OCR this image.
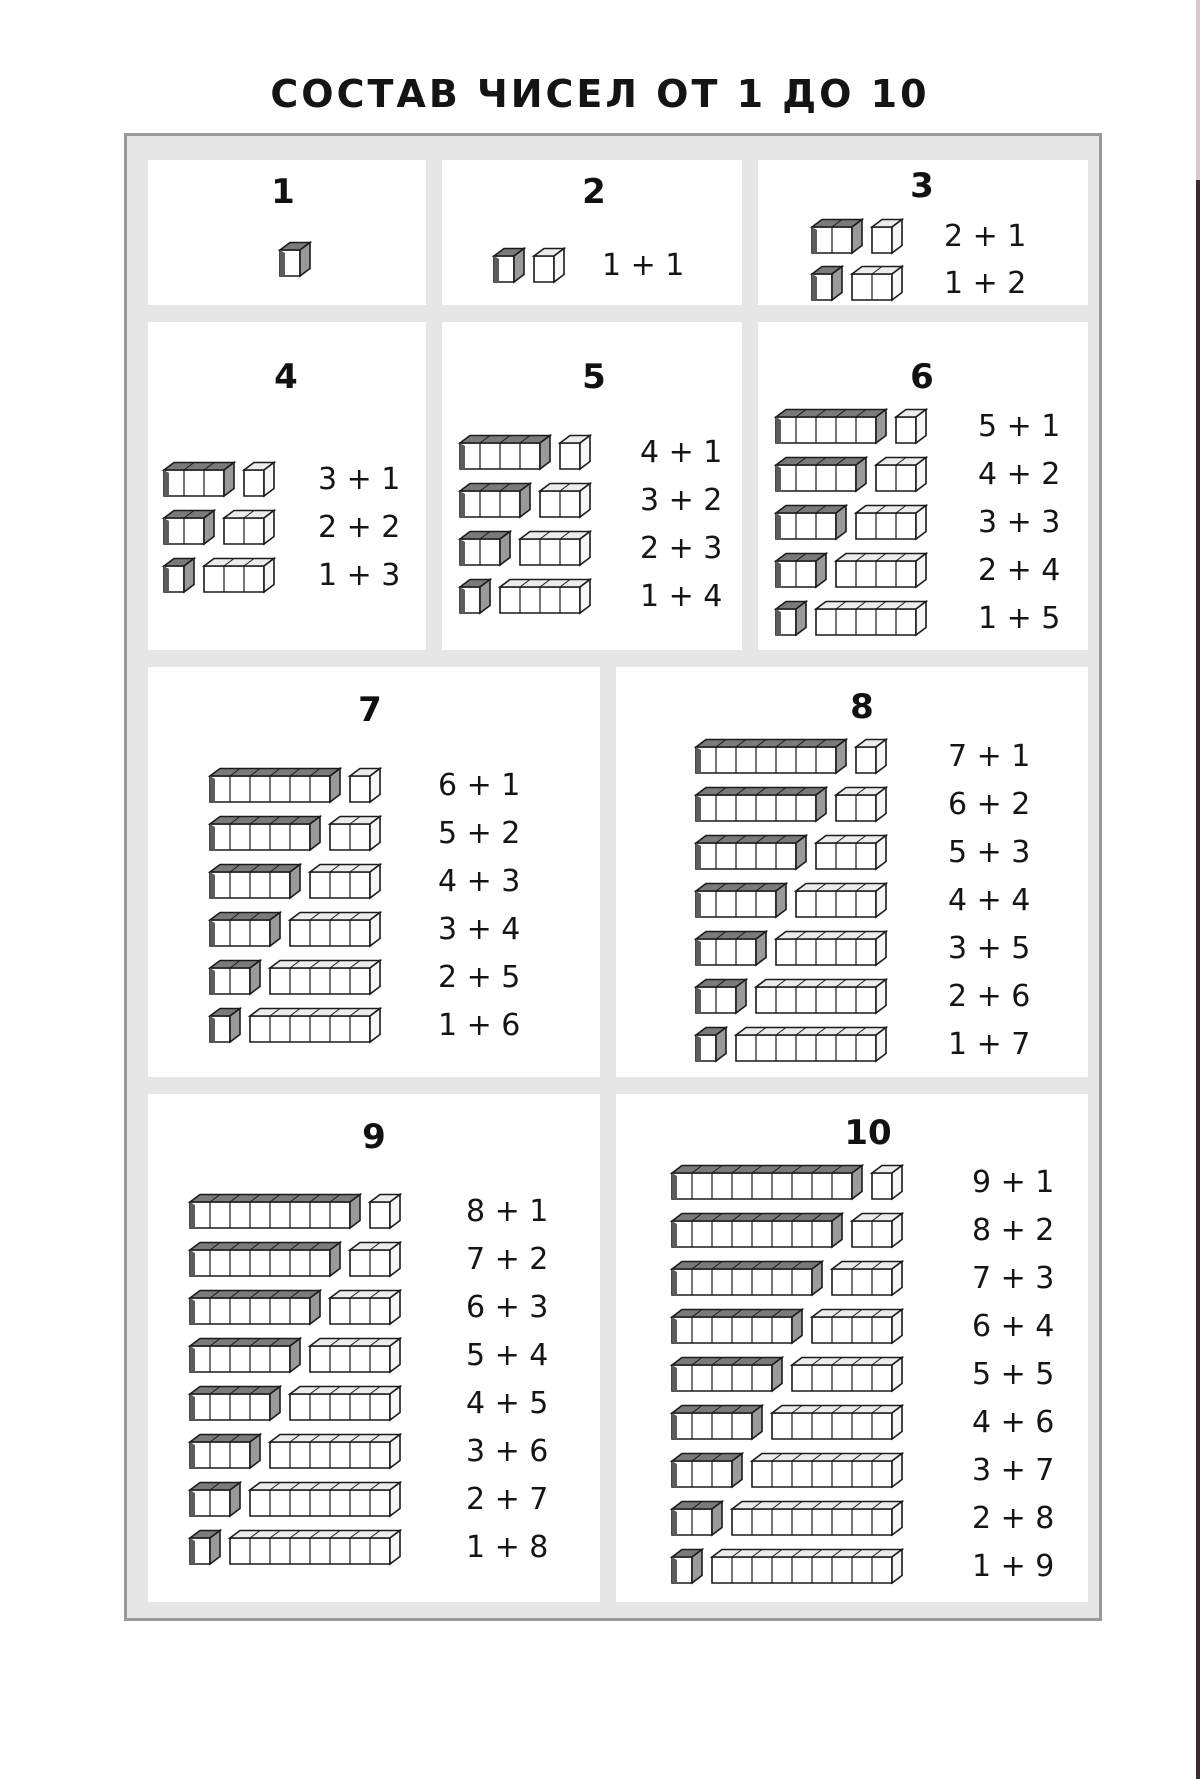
СОСТАВ ЧИСЕЛ ОТ 1 ДО 10
1	2
1 + 1
3
2 + 1
1 + 2
4
3 + 1
2 + 2
1 + 3
5
4 + 1
3 + 2
2 + 3
1 + 4
6
5 + 1
4 + 2
3 + 3
2 + 4
1 + 5
7
6 + 1
5 + 2
4 + 3
3 + 4
2 + 5
1 + 6
8
7 + 1
6 + 2
5 + 3
4 + 4
3 + 5
2 + 6
1 + 7
9
8 + 1
7 + 2
6 + 3
5 + 4
4 + 5
3 + 6
2 + 7
1 + 8
10
9 + 1
8 + 2
7 + 3
6 + 4
5 + 5
4 + 6
3 + 7
2 + 8
1 + 9
